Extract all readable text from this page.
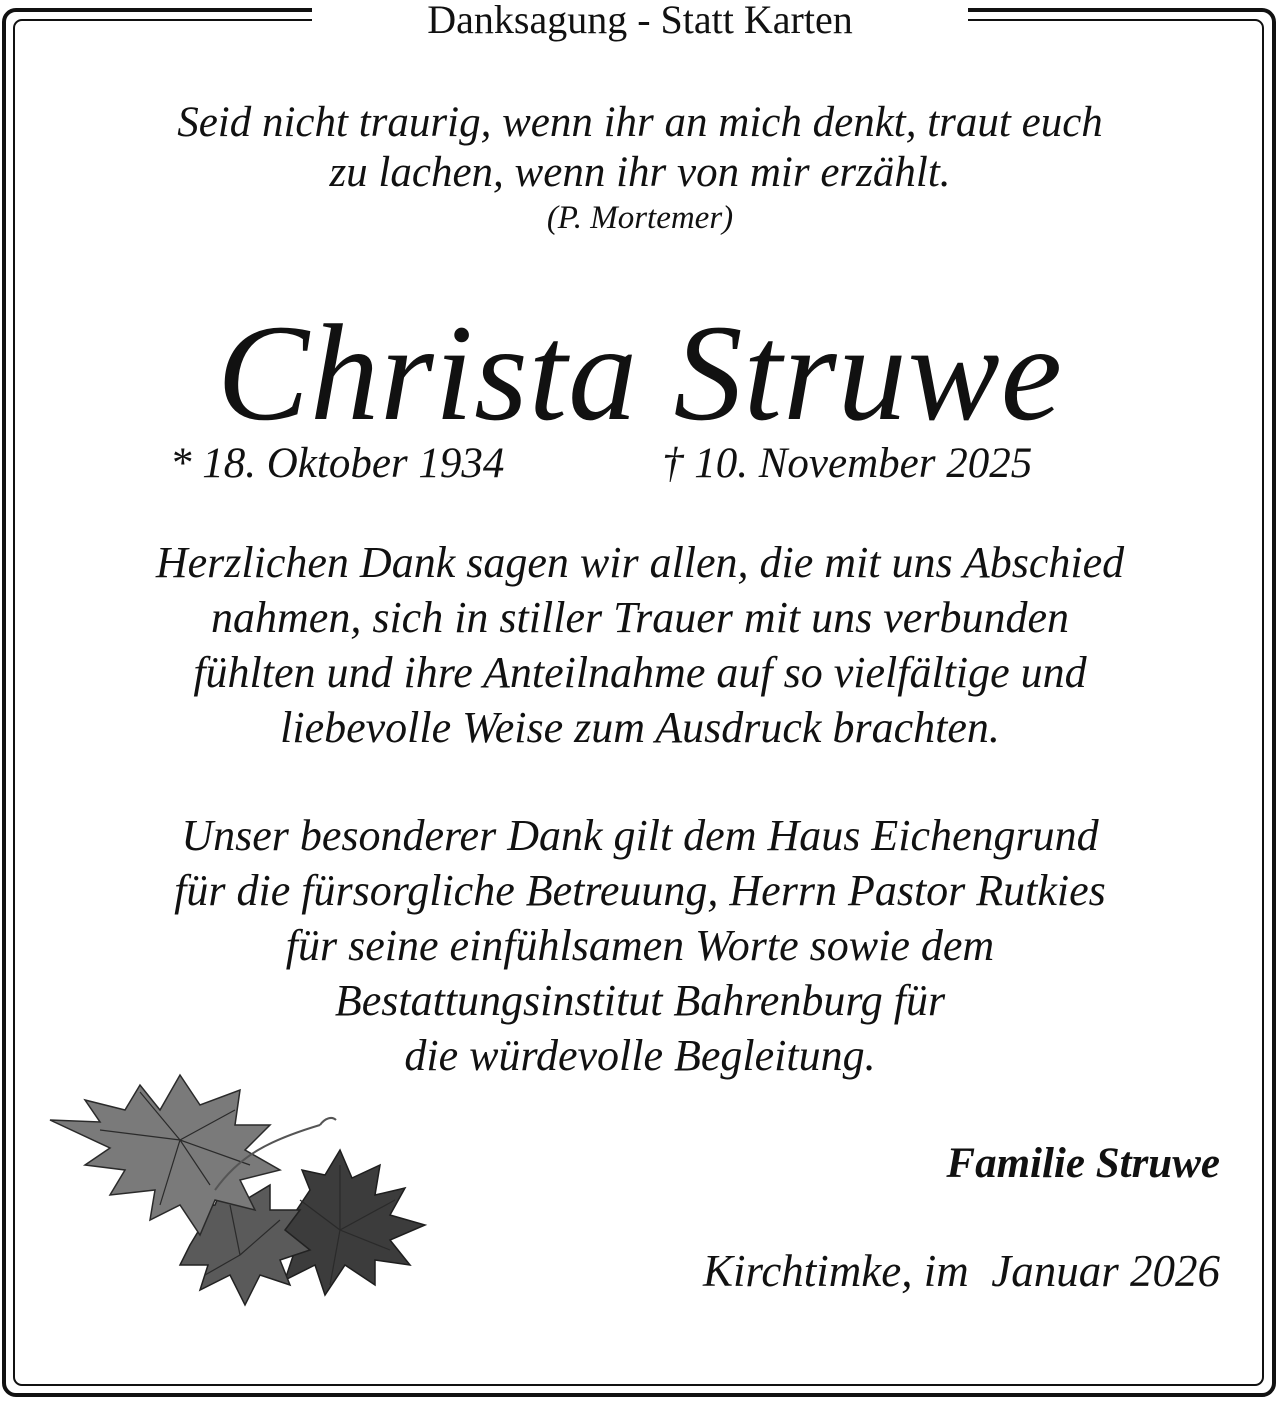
Danksagung - Statt Karten
Seid nicht traurig, wenn ihr an mich denkt, traut euch
zu lachen, wenn ihr von mir erzählt.
(P. Mortemer)
Christa Struwe
* 18. Oktober 1934	† 10. November 2025
Herzlichen Dank sagen wir allen, die mit uns Abschied
nahmen, sich in stiller Trauer mit uns verbunden
fühlten und ihre Anteilnahme auf so vielfältige und
liebevolle Weise zum Ausdruck brachten.
Unser besonderer Dank gilt dem Haus Eichengrund
für die fürsorgliche Betreuung, Herrn Pastor Rutkies
für seine einfühlsamen Worte sowie dem
Bestattungsinstitut Bahrenburg für
die würdevolle Begleitung.
Familie Struwe
Kirchtimke, im  Januar 2026
